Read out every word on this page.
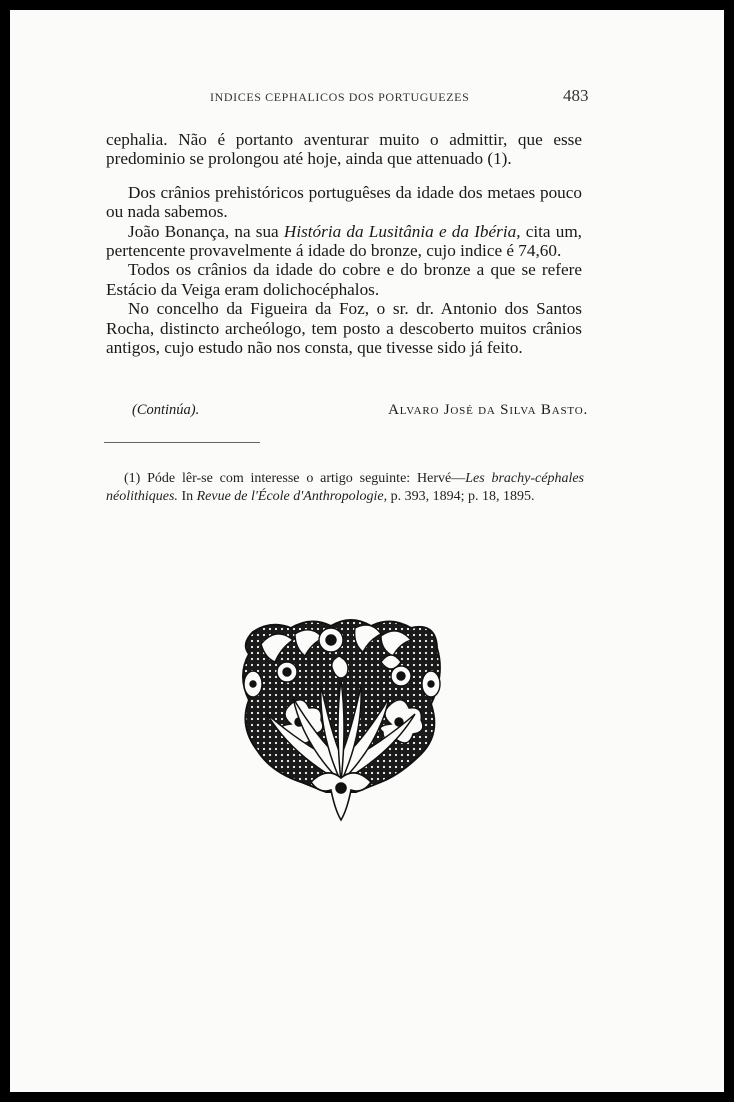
INDICES CEPHALICOS DOS PORTUGUEZES	483

cephalia. Não é portanto aventurar muito o admittir, que esse predominio se prolongou até hoje, ainda que attenuado (1).

Dos crânios prehistóricos portuguêses da idade dos metaes pouco ou nada sabemos.

João Bonança, na sua História da Lusitânia e da Ibéria, cita um, pertencente provavelmente á idade do bronze, cujo indice é 74,60.

Todos os crânios da idade do cobre e do bronze a que se refere Estácio da Veiga eram dolichocéphalos.

No concelho da Figueira da Foz, o sr. dr. Antonio dos Santos Rocha, distincto archeólogo, tem posto a descoberto muitos crânios antigos, cujo estudo não nos consta, que tivesse sido já feito.

(Continúa).	Alvaro José da Silva Basto.

(1) Póde lêr-se com interesse o artigo seguinte: Hervé—Les brachy-céphales néolithiques. In Revue de l'École d'Anthropologie, p. 393, 1894; p. 18, 1895.
